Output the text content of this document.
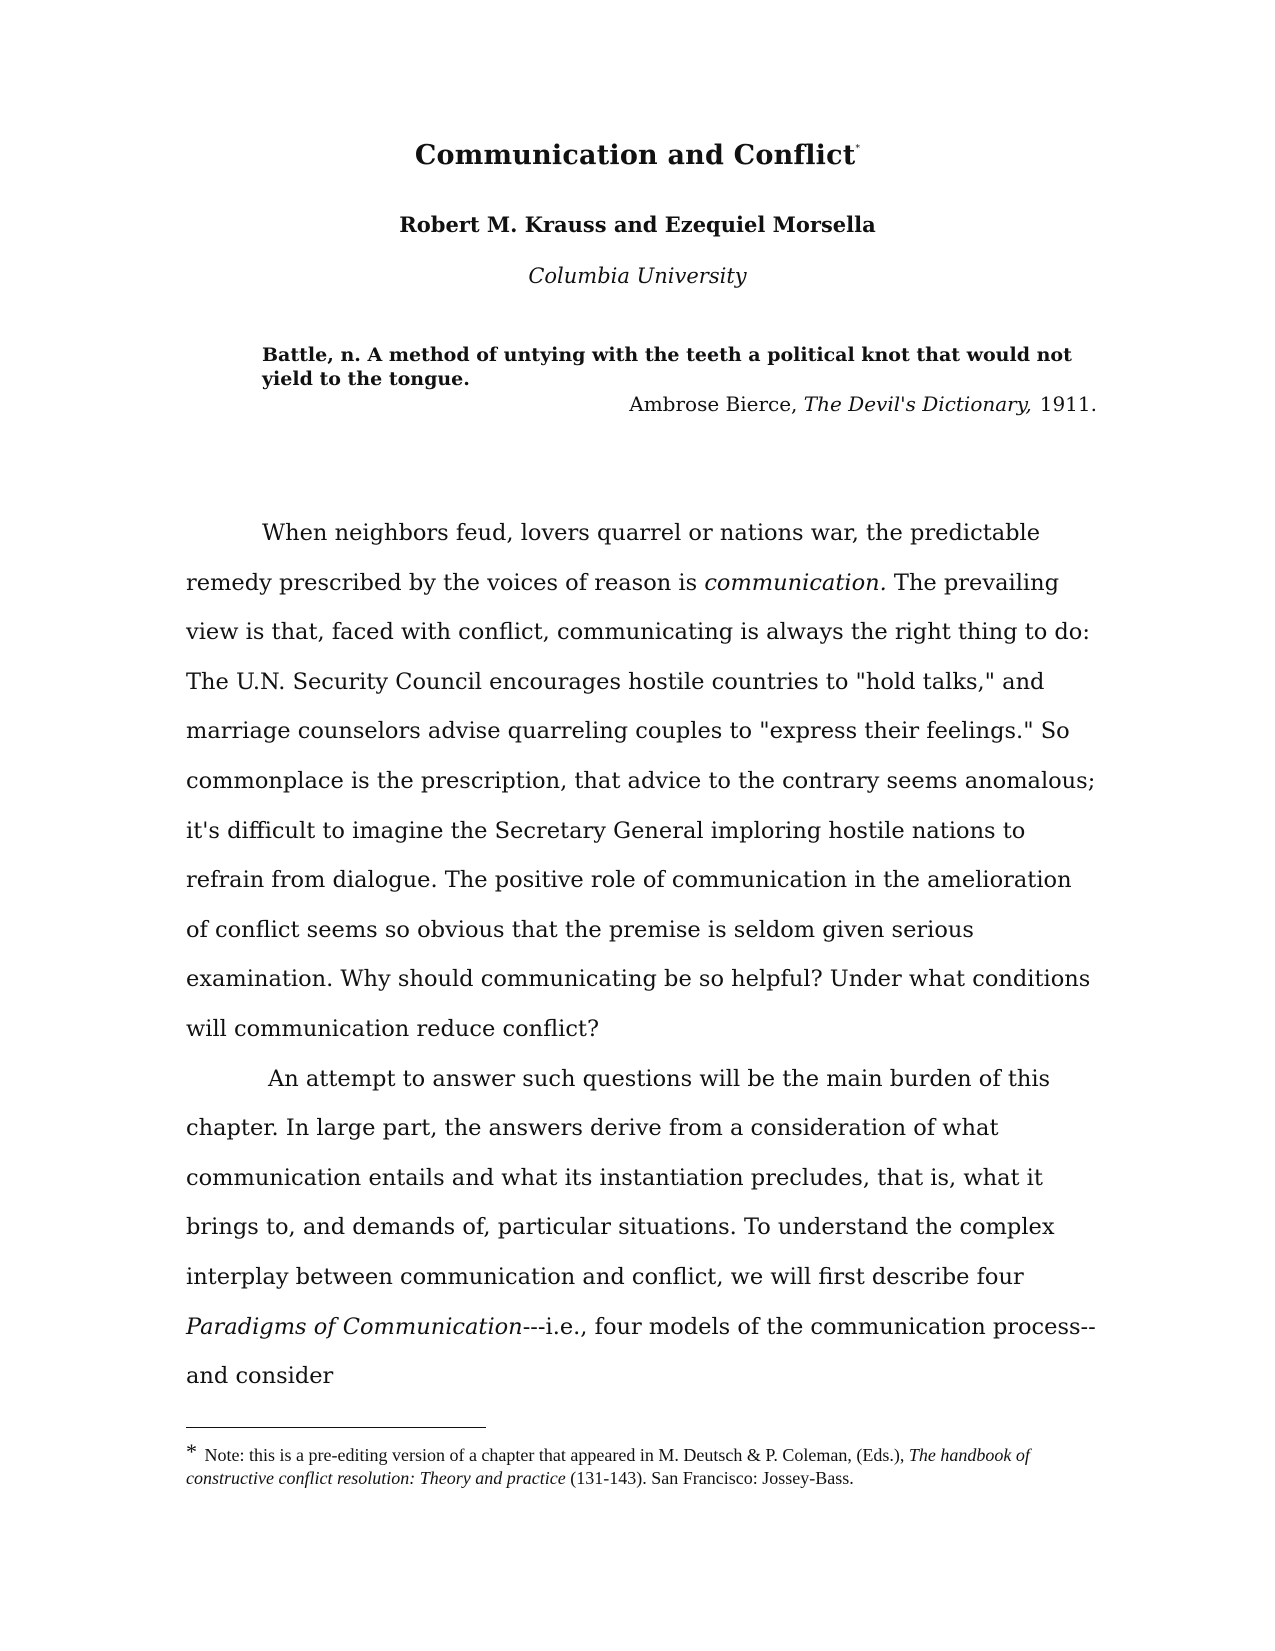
Communication and Conflict*
Robert M. Krauss and Ezequiel Morsella
Columbia University
Battle, n. A method of untying with the teeth a political knot that would not yield to the tongue.
Ambrose Bierce, The Devil's Dictionary, 1911.

When neighbors feud, lovers quarrel or nations war, the predictable remedy prescribed by the voices of reason is communication. The prevailing view is that, faced with conflict, communicating is always the right thing to do: The U.N. Security Council encourages hostile countries to "hold talks," and marriage counselors advise quarreling couples to "express their feelings." So commonplace is the prescription, that advice to the contrary seems anomalous; it's difficult to imagine the Secretary General imploring hostile nations to refrain from dialogue. The positive role of communication in the amelioration of conflict seems so obvious that the premise is seldom given serious examination. Why should communicating be so helpful? Under what conditions will communication reduce conflict?

An attempt to answer such questions will be the main burden of this chapter. In large part, the answers derive from a consideration of what communication entails and what its instantiation precludes, that is, what it brings to, and demands of, particular situations. To understand the complex interplay between communication and conflict, we will first describe four Paradigms of Communication---i.e., four models of the communication process--and consider

* Note: this is a pre-editing version of a chapter that appeared in M. Deutsch & P. Coleman, (Eds.), The handbook of constructive conflict resolution: Theory and practice (131-143). San Francisco: Jossey-Bass.
